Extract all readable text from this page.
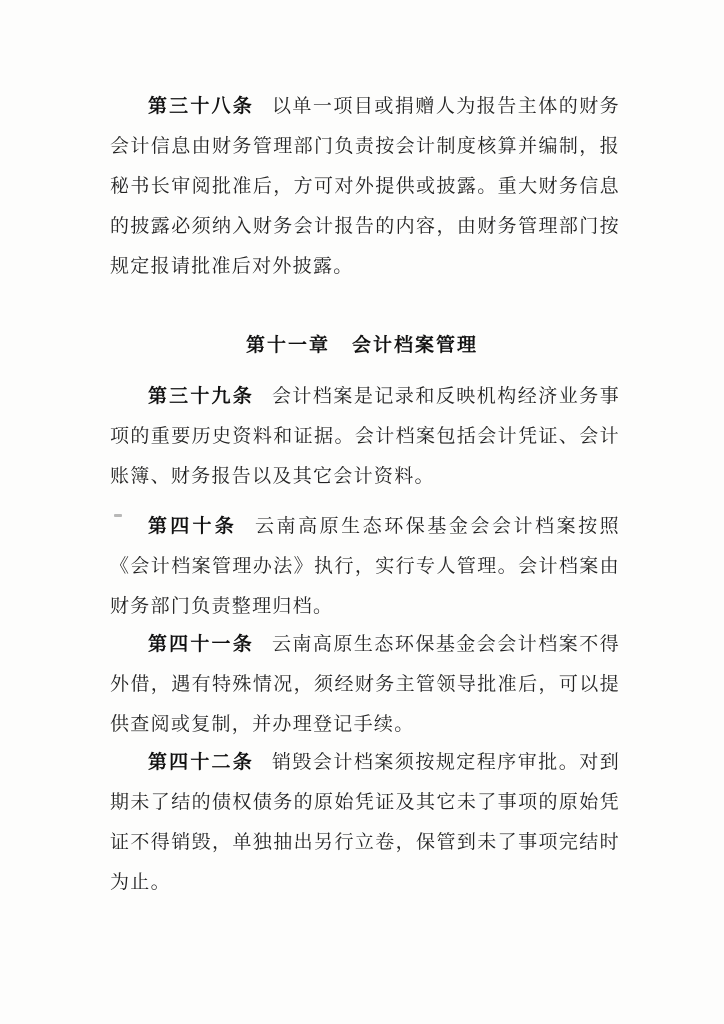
第三十八条 以单一项目或捐赠人为报告主体的财务会计信息由财务管理部门负责按会计制度核算并编制，报秘书长审阅批准后，方可对外提供或披露。重大财务信息的披露必须纳入财务会计报告的内容，由财务管理部门按规定报请批准后对外披露。

第十一章 会计档案管理

第三十九条 会计档案是记录和反映机构经济业务事项的重要历史资料和证据。会计档案包括会计凭证、会计账簿、财务报告以及其它会计资料。

第四十条 云南高原生态环保基金会会计档案按照《会计档案管理办法》执行，实行专人管理。会计档案由财务部门负责整理归档。

第四十一条 云南高原生态环保基金会会计档案不得外借，遇有特殊情况，须经财务主管领导批准后，可以提供查阅或复制，并办理登记手续。

第四十二条 销毁会计档案须按规定程序审批。对到期未了结的债权债务的原始凭证及其它未了事项的原始凭证不得销毁，单独抽出另行立卷，保管到未了事项完结时为止。
